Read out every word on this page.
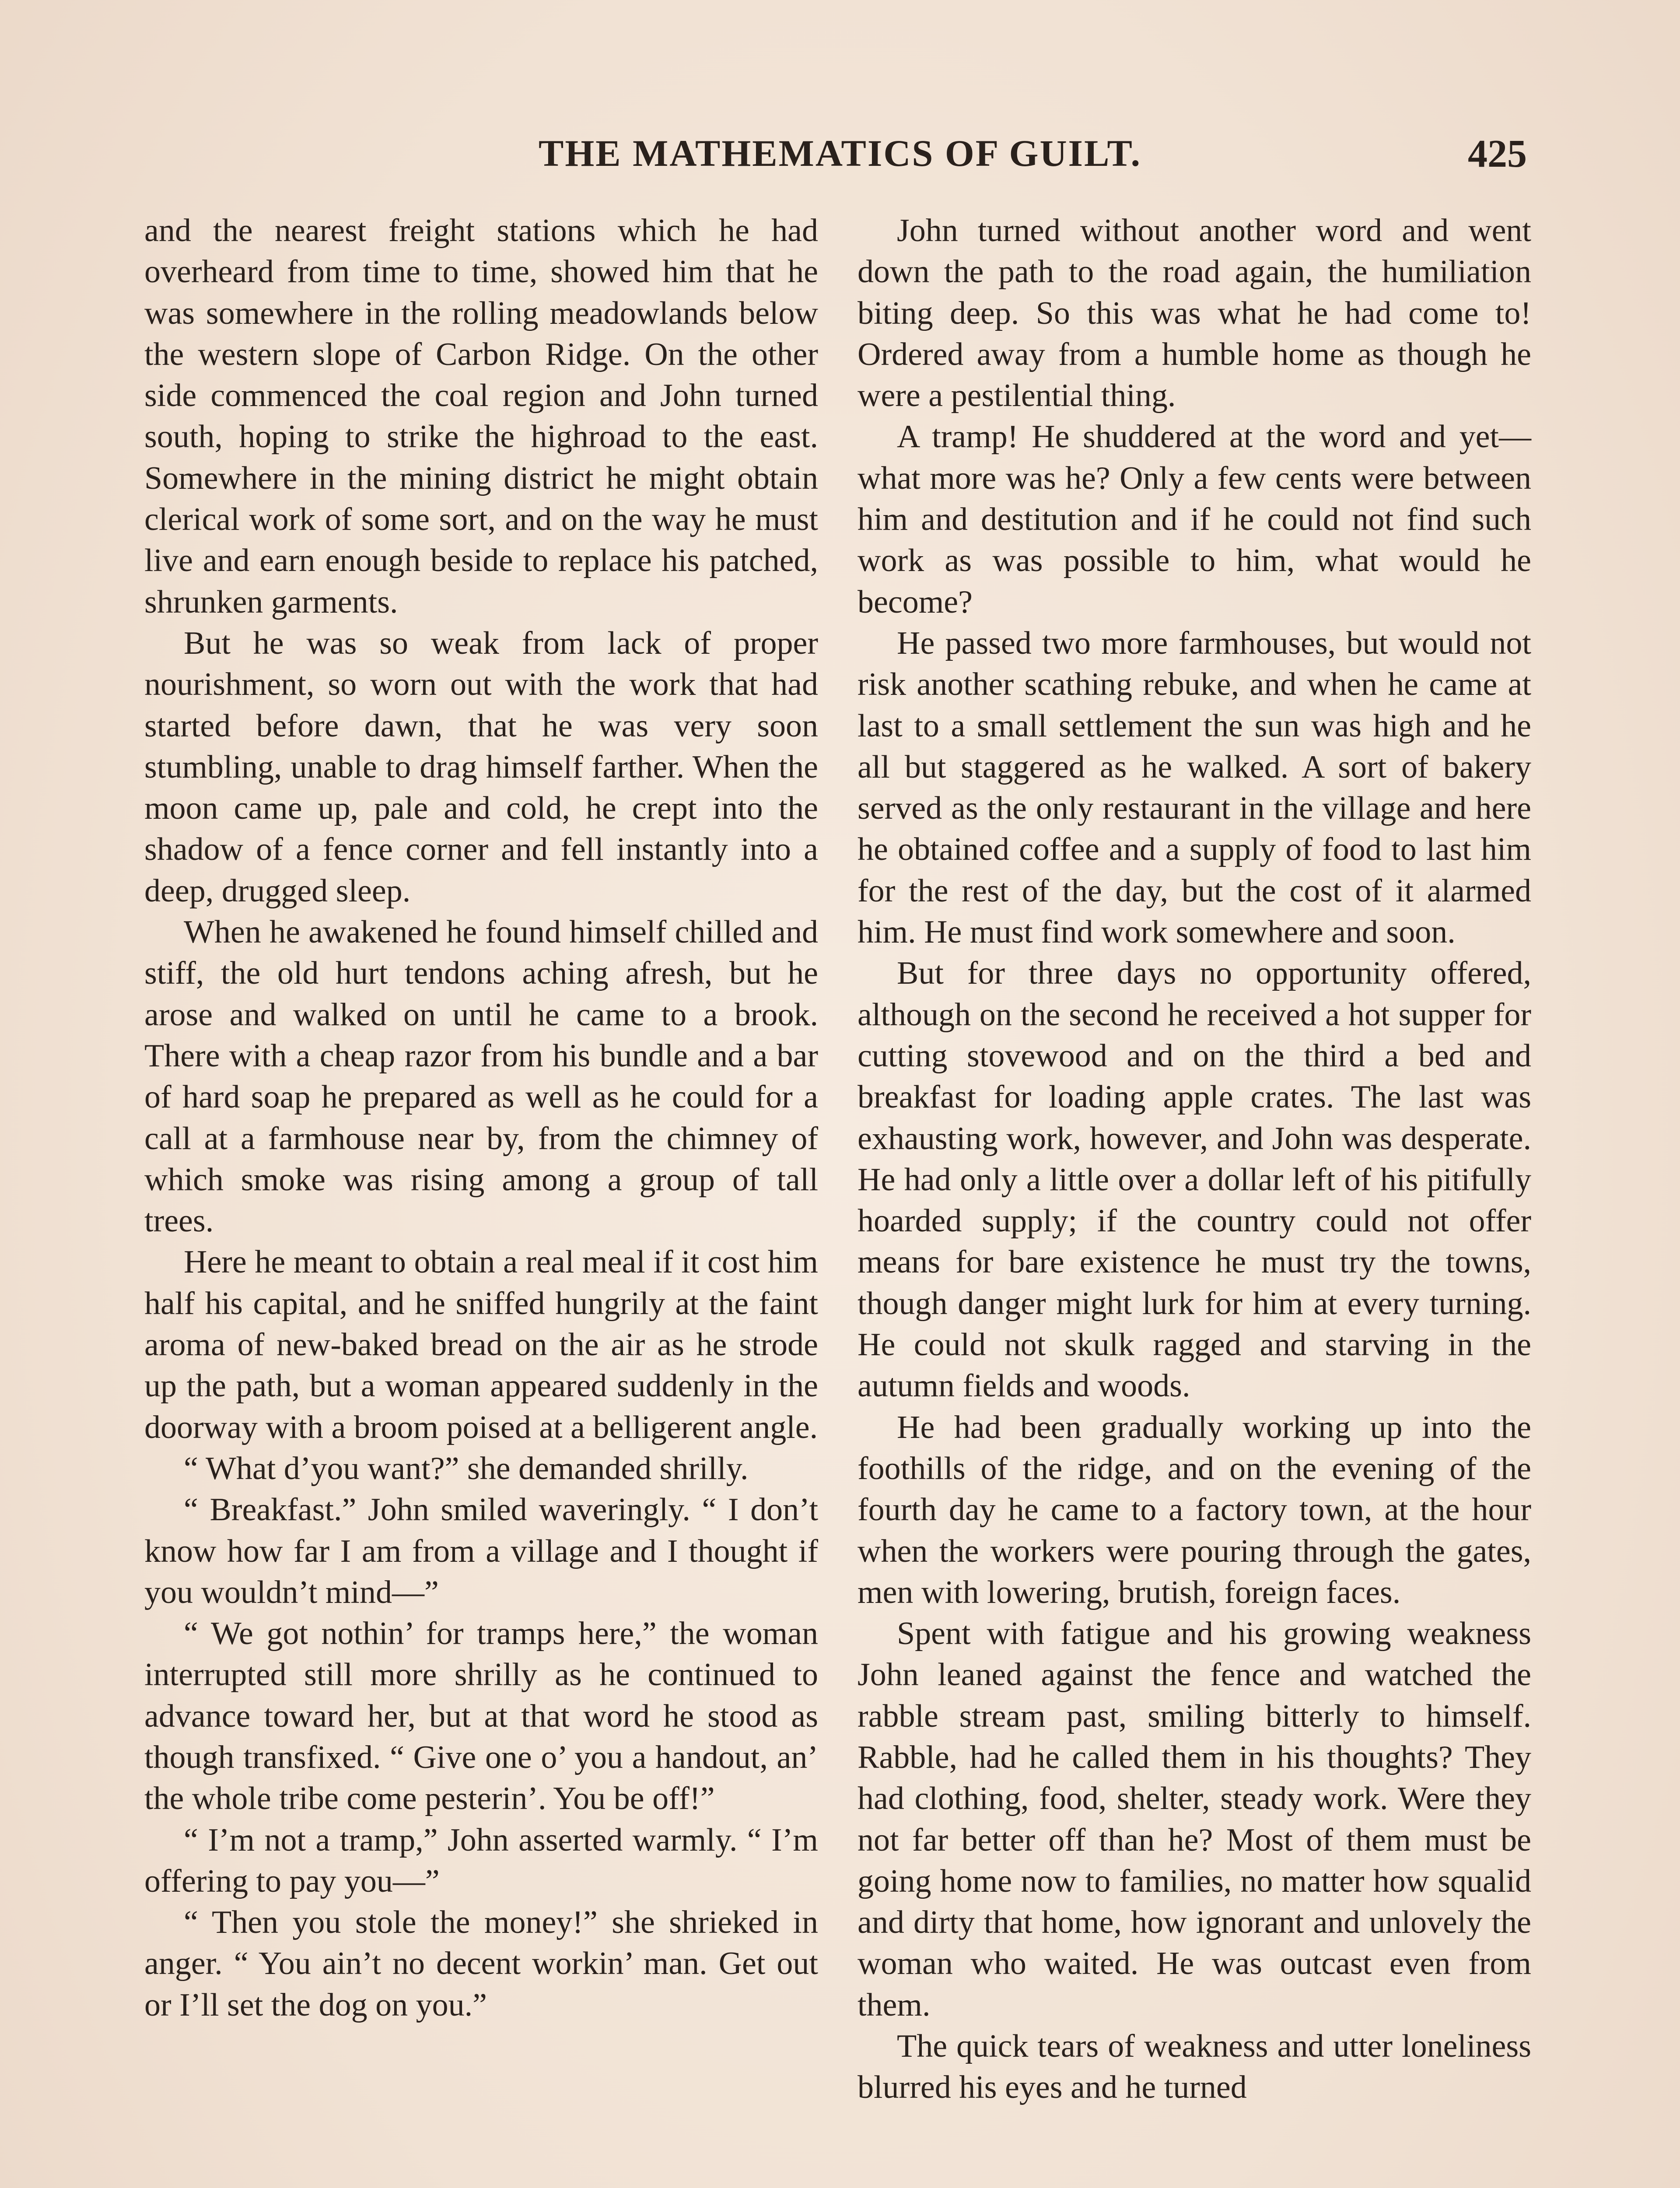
THE MATHEMATICS OF GUILT.	425

and the nearest freight stations which he had overheard from time to time, showed him that he was somewhere in the rolling meadowlands below the western slope of Carbon Ridge. On the other side commenced the coal region and John turned south, hoping to strike the highroad to the east. Somewhere in the mining district he might obtain clerical work of some sort, and on the way he must live and earn enough beside to replace his patched, shrunken garments.

But he was so weak from lack of proper nourishment, so worn out with the work that had started before dawn, that he was very soon stumbling, unable to drag himself farther. When the moon came up, pale and cold, he crept into the shadow of a fence corner and fell instantly into a deep, drugged sleep.

When he awakened he found himself chilled and stiff, the old hurt tendons aching afresh, but he arose and walked on until he came to a brook. There with a cheap razor from his bundle and a bar of hard soap he prepared as well as he could for a call at a farmhouse near by, from the chimney of which smoke was rising among a group of tall trees.

Here he meant to obtain a real meal if it cost him half his capital, and he sniffed hungrily at the faint aroma of new-baked bread on the air as he strode up the path, but a woman appeared suddenly in the doorway with a broom poised at a belligerent angle.

“ What d’you want?” she demanded shrilly.

“ Breakfast.” John smiled waveringly. “ I don’t know how far I am from a village and I thought if you wouldn’t mind—”

“ We got nothin’ for tramps here,” the woman interrupted still more shrilly as he continued to advance toward her, but at that word he stood as though transfixed. “ Give one o’ you a handout, an’ the whole tribe come pesterin’. You be off!”

“ I’m not a tramp,” John asserted warmly. “ I’m offering to pay you—”

“ Then you stole the money!” she shrieked in anger. “ You ain’t no decent workin’ man. Get out or I’ll set the dog on you.”

John turned without another word and went down the path to the road again, the humiliation biting deep. So this was what he had come to! Ordered away from a humble home as though he were a pestilential thing.

A tramp! He shuddered at the word and yet—what more was he? Only a few cents were between him and destitution and if he could not find such work as was possible to him, what would he become?

He passed two more farmhouses, but would not risk another scathing rebuke, and when he came at last to a small settlement the sun was high and he all but staggered as he walked. A sort of bakery served as the only restaurant in the village and here he obtained coffee and a supply of food to last him for the rest of the day, but the cost of it alarmed him. He must find work somewhere and soon.

But for three days no opportunity offered, although on the second he received a hot supper for cutting stovewood and on the third a bed and breakfast for loading apple crates. The last was exhausting work, however, and John was desperate. He had only a little over a dollar left of his pitifully hoarded supply; if the country could not offer means for bare existence he must try the towns, though danger might lurk for him at every turning. He could not skulk ragged and starving in the autumn fields and woods.

He had been gradually working up into the foothills of the ridge, and on the evening of the fourth day he came to a factory town, at the hour when the workers were pouring through the gates, men with lowering, brutish, foreign faces.

Spent with fatigue and his growing weakness John leaned against the fence and watched the rabble stream past, smiling bitterly to himself. Rabble, had he called them in his thoughts? They had clothing, food, shelter, steady work. Were they not far better off than he? Most of them must be going home now to families, no matter how squalid and dirty that home, how ignorant and unlovely the woman who waited. He was outcast even from them.

The quick tears of weakness and utter loneliness blurred his eyes and he turned
